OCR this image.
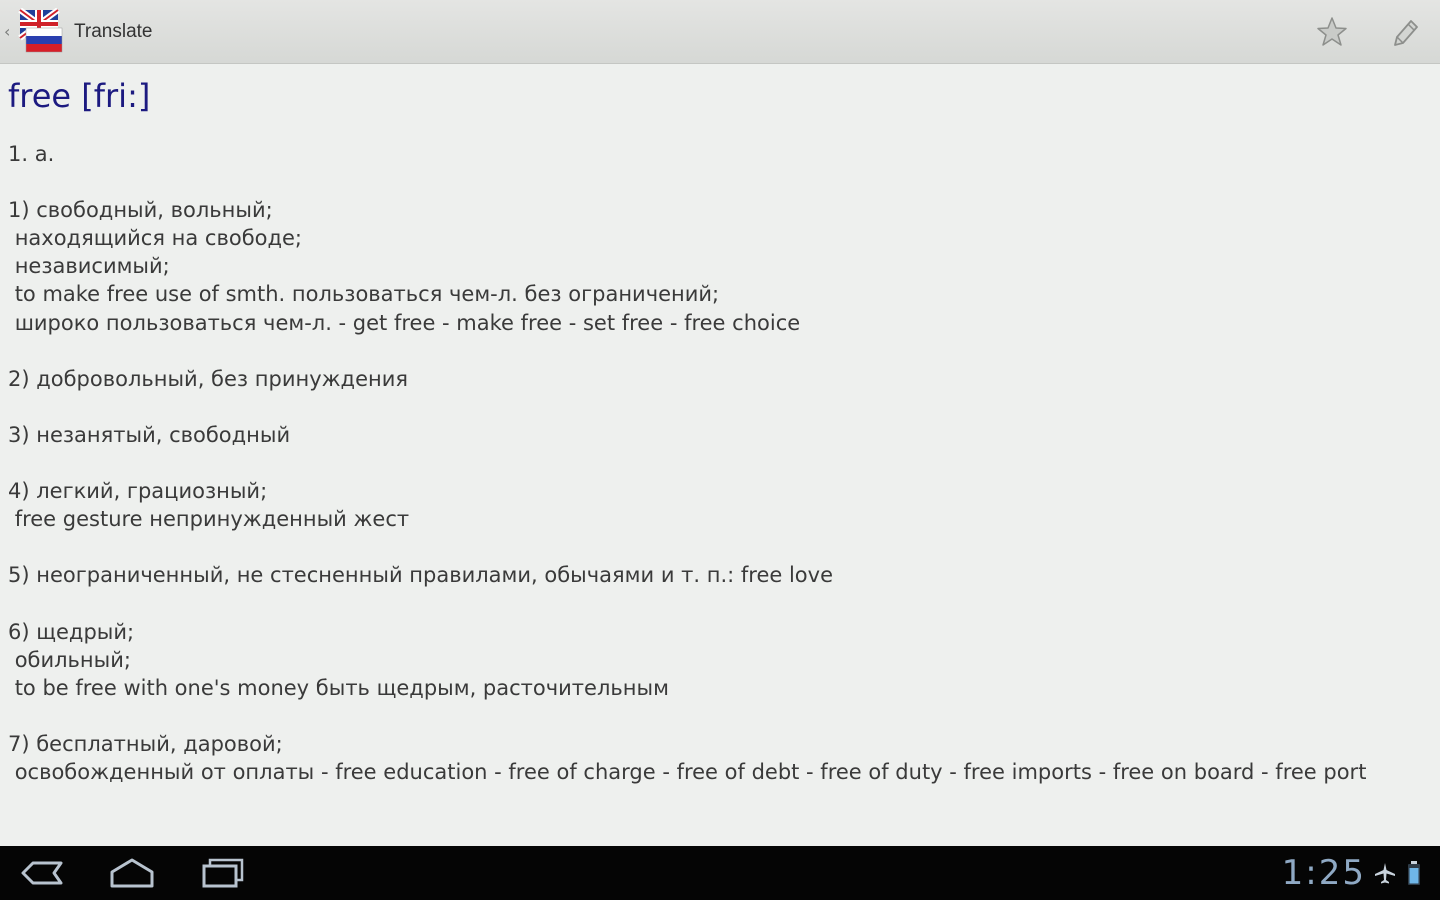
‹	Translate
free [fri:]
1. a.

1) свободный, вольный;
находящийся на свободе;
независимый;
to make free use of smth. пользоваться чем-л. без ограничений;
широко пользоваться чем-л. - get free - make free - set free - free choice

2) добровольный, без принуждения

3) незанятый, свободный

4) легкий, грациозный;
free gesture непринужденный жест

5) неограниченный, не стесненный правилами, обычаями и т. п.: free love

6) щедрый;
обильный;
to be free with one's money быть щедрым, расточительным

7) бесплатный, даровой;
освобожденный от оплаты - free education - free of charge - free of debt - free of duty - free imports - free on board - free port
1:25
